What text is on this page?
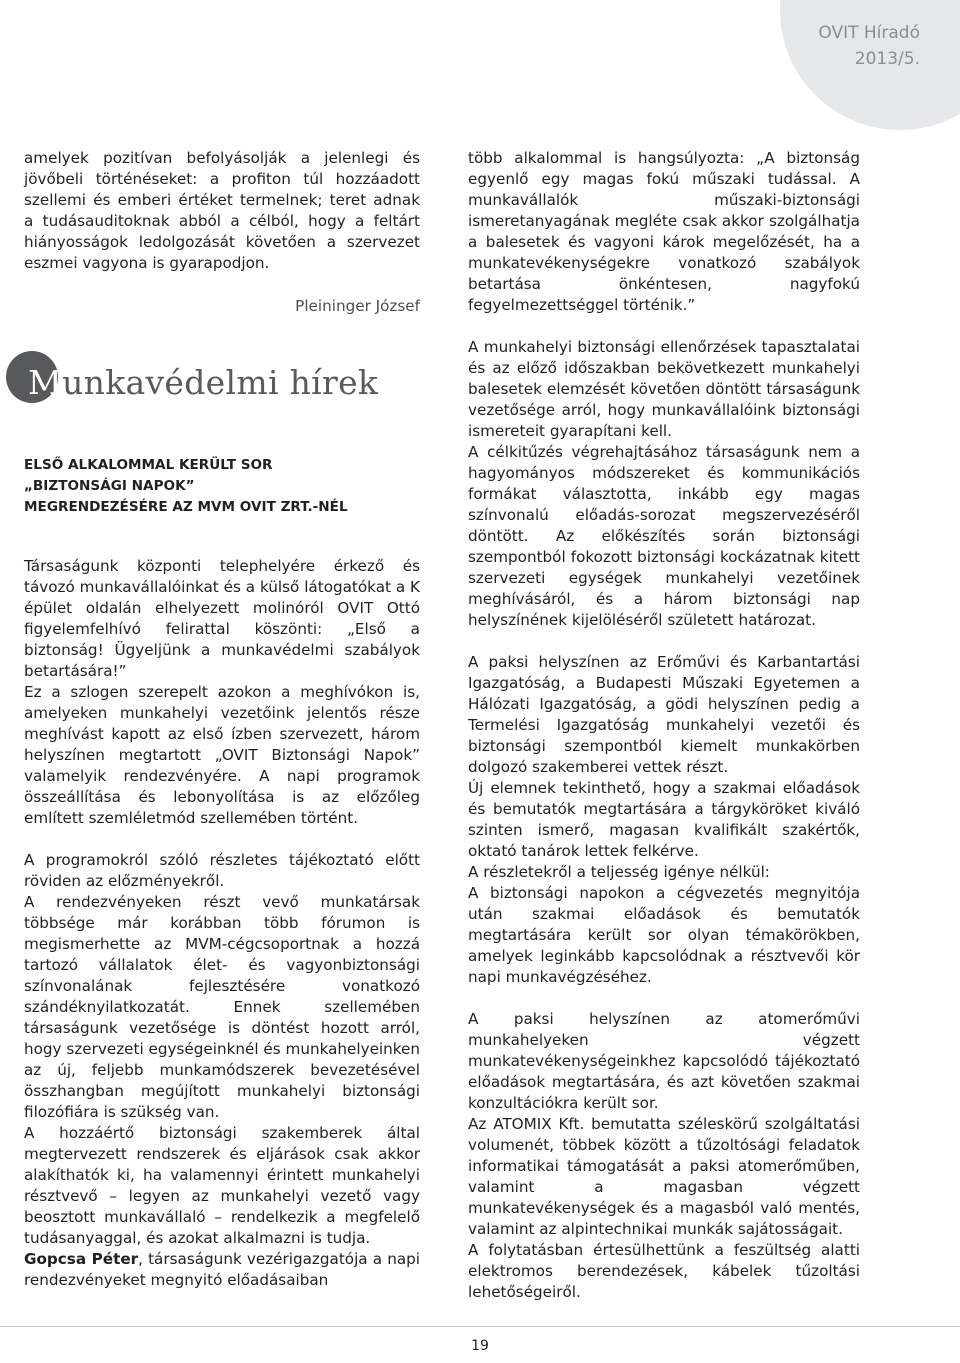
OVIT Híradó
2013/5.

amelyek pozitívan befolyásolják a jelenlegi és jövőbeli történéseket: a profiton túl hozzáadott szellemi és emberi értéket termelnek; teret adnak a tudásauditoknak abból a célból, hogy a feltárt hiányosságok ledolgozását követően a szervezet eszmei vagyona is gyarapodjon.

Pleininger József
Munkavédelmi hírek
ELSŐ ALKALOMMAL KERÜLT SOR
„BIZTONSÁGI NAPOK”
MEGRENDEZÉSÉRE AZ MVM OVIT ZRT.-NÉL

Társaságunk központi telephelyére érkező és távozó munkavállalóinkat és a külső látogatókat a K épület oldalán elhelyezett molinóról OVIT Ottó figyelemfelhívó felirattal köszönti: „Első a biztonság! Ügyeljünk a munkavédelmi szabályok betartására!”

Ez a szlogen szerepelt azokon a meghívókon is, amelyeken munkahelyi vezetőink jelentős része meghívást kapott az első ízben szervezett, három helyszínen megtartott „OVIT Biztonsági Napok” valamelyik rendezvényére. A napi programok összeállítása és lebonyolítása is az előzőleg említett szemléletmód szellemében történt.

A programokról szóló részletes tájékoztató előtt röviden az előzményekről.

A rendezvényeken részt vevő munkatársak többsége már korábban több fórumon is megismerhette az MVM-cégcsoportnak a hozzá tartozó vállalatok élet- és vagyonbiztonsági színvonalának fejlesztésére vonatkozó szándéknyilatkozatát. Ennek szellemében társaságunk vezetősége is döntést hozott arról, hogy szervezeti egységeinknél és munkahelyeinken az új, feljebb munkamódszerek bevezetésével összhangban megújított munkahelyi biztonsági filozófiára is szükség van.

A hozzáértő biztonsági szakemberek által megtervezett rendszerek és eljárások csak akkor alakíthatók ki, ha valamennyi érintett munkahelyi résztvevő – legyen az munkahelyi vezető vagy beosztott munkavállaló – rendelkezik a megfelelő tudásanyaggal, és azokat alkalmazni is tudja.

Gopcsa Péter, társaságunk vezérigazgatója a napi rendezvényeket megnyitó előadásaiban

több alkalommal is hangsúlyozta: „A biztonság egyenlő egy magas fokú műszaki tudással. A munkavállalók műszaki-biztonsági ismeretanyagának megléte csak akkor szolgálhatja a balesetek és vagyoni károk megelőzését, ha a munkatevékenységekre vonatkozó szabályok betartása önkéntesen, nagyfokú fegyelmezettséggel történik.”

A munkahelyi biztonsági ellenőrzések tapasztalatai és az előző időszakban bekövetkezett munkahelyi balesetek elemzését követően döntött társaságunk vezetősége arról, hogy munkavállalóink biztonsági ismereteit gyarapítani kell.

A célkitűzés végrehajtásához társaságunk nem a hagyományos módszereket és kommunikációs formákat választotta, inkább egy magas színvonalú előadás-sorozat megszervezéséről döntött. Az előkészítés során biztonsági szempontból fokozott biztonsági kockázatnak kitett szervezeti egységek munkahelyi vezetőinek meghívásáról, és a három biztonsági nap helyszínének kijelöléséről született határozat.

A paksi helyszínen az Erőművi és Karbantartási Igazgatóság, a Budapesti Műszaki Egyetemen a Hálózati Igazgatóság, a gödi helyszínen pedig a Termelési Igazgatóság munkahelyi vezetői és biztonsági szempontból kiemelt munkakörben dolgozó szakemberei vettek részt.

Új elemnek tekinthető, hogy a szakmai előadások és bemutatók megtartására a tárgyköröket kiváló szinten ismerő, magasan kvalifikált szakértők, oktató tanárok lettek felkérve.

A részletekről a teljesség igénye nélkül:

A biztonsági napokon a cégvezetés megnyitója után szakmai előadások és bemutatók megtartására került sor olyan témakörökben, amelyek leginkább kapcsolódnak a résztvevői kör napi munkavégzéséhez.

A paksi helyszínen az atomerőművi munkahelyeken végzett munkatevékenységeinkhez kapcsolódó tájékoztató előadások megtartására, és azt követően szakmai konzultációkra került sor.

Az ATOMIX Kft. bemutatta széleskörű szolgáltatási volumenét, többek között a tűzoltósági feladatok informatikai támogatását a paksi atomerőműben, valamint a magasban végzett munkatevékenységek és a magasból való mentés, valamint az alpintechnikai munkák sajátosságait.

A folytatásban értesülhettünk a feszültség alatti elektromos berendezések, kábelek tűzoltási lehetőségeiről.

19
